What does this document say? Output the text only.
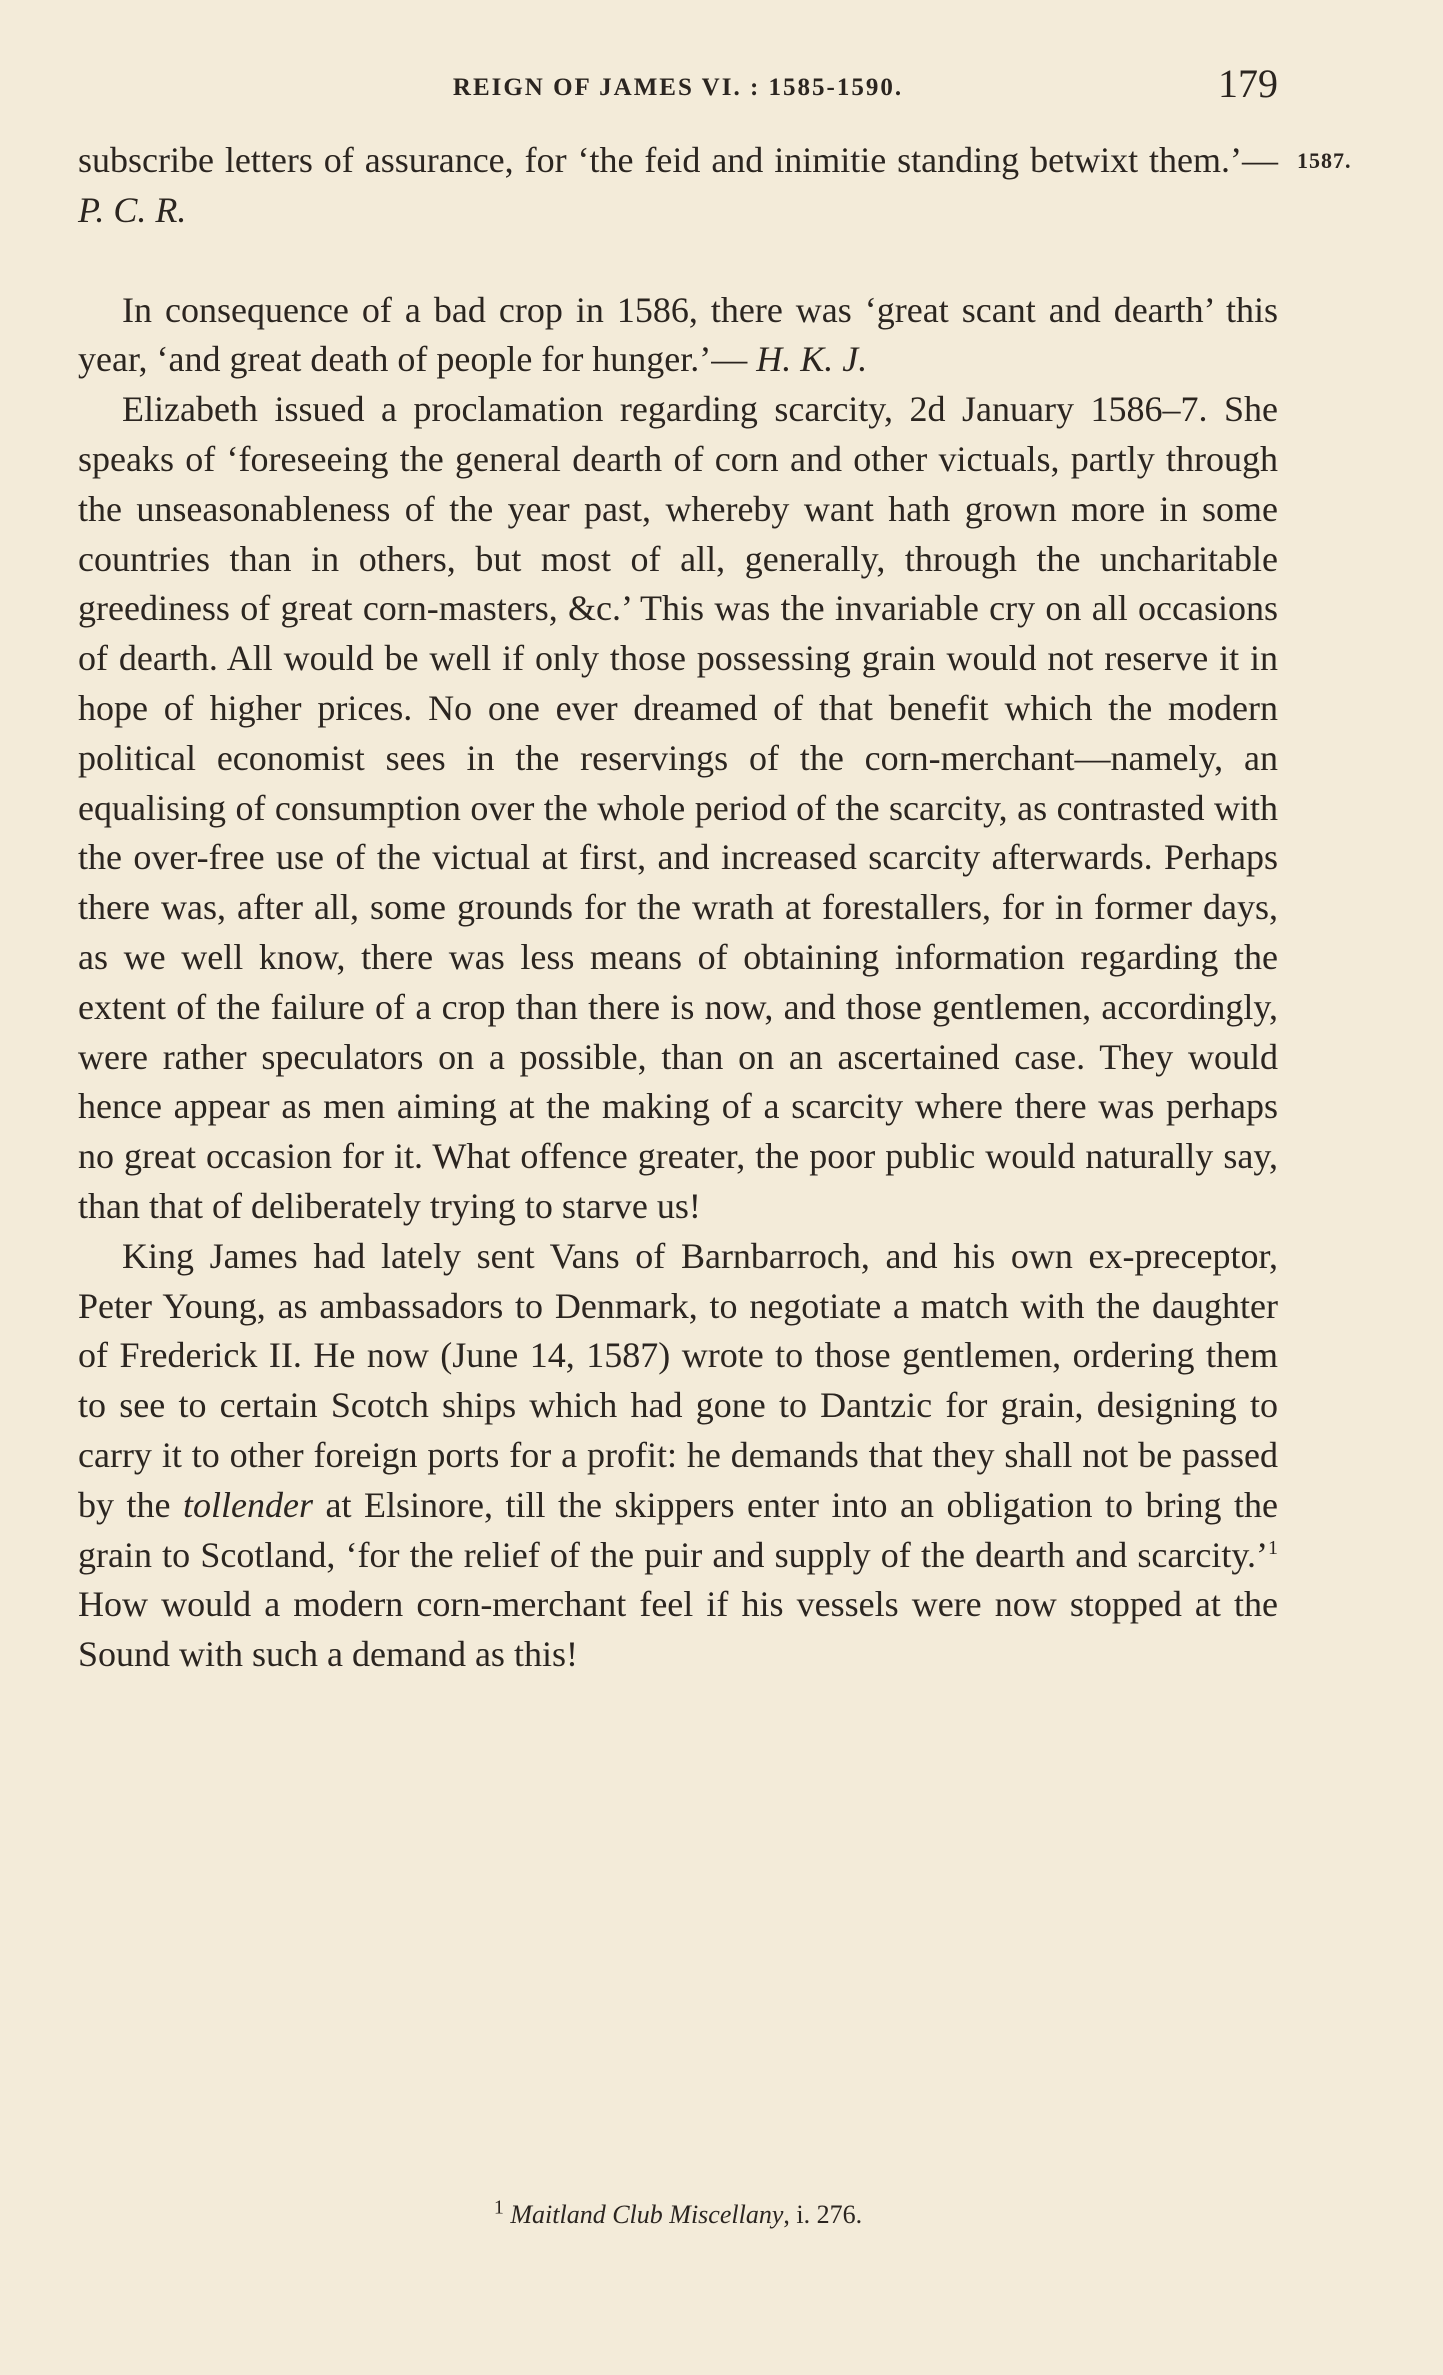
REIGN OF JAMES VI. : 1585-1590.	179
1587.

subscribe letters of assurance, for ‘the feid and inimitie standing betwixt them.’—P. C. R.

In consequence of a bad crop in 1586, there was ‘great scant and dearth’ this year, ‘and great death of people for hunger.’— H. K. J.

Elizabeth issued a proclamation regarding scarcity, 2d January 1586–7. She speaks of ‘foreseeing the general dearth of corn and other victuals, partly through the unseasonableness of the year past, whereby want hath grown more in some countries than in others, but most of all, generally, through the uncharitable greediness of great corn-masters, &c.’ This was the invariable cry on all occasions of dearth. All would be well if only those possessing grain would not reserve it in hope of higher prices. No one ever dreamed of that benefit which the modern political economist sees in the reservings of the corn-merchant—namely, an equalising of consumption over the whole period of the scarcity, as contrasted with the over-free use of the victual at first, and increased scarcity afterwards. Perhaps there was, after all, some grounds for the wrath at forestallers, for in former days, as we well know, there was less means of obtaining information regarding the extent of the failure of a crop than there is now, and those gentlemen, accordingly, were rather speculators on a possible, than on an ascertained case. They would hence appear as men aiming at the making of a scarcity where there was perhaps no great occasion for it. What offence greater, the poor public would naturally say, than that of deliberately trying to starve us!

King James had lately sent Vans of Barnbarroch, and his own ex-preceptor, Peter Young, as ambassadors to Denmark, to negotiate a match with the daughter of Frederick II. He now (June 14, 1587) wrote to those gentlemen, ordering them to see to certain Scotch ships which had gone to Dantzic for grain, designing to carry it to other foreign ports for a profit: he demands that they shall not be passed by the tollender at Elsinore, till the skippers enter into an obligation to bring the grain to Scotland, ‘for the relief of the puir and supply of the dearth and scarcity.’$^1$ How would a modern corn-merchant feel if his vessels were now stopped at the Sound with such a demand as this!

$^1$ Maitland Club Miscellany, i. 276.
